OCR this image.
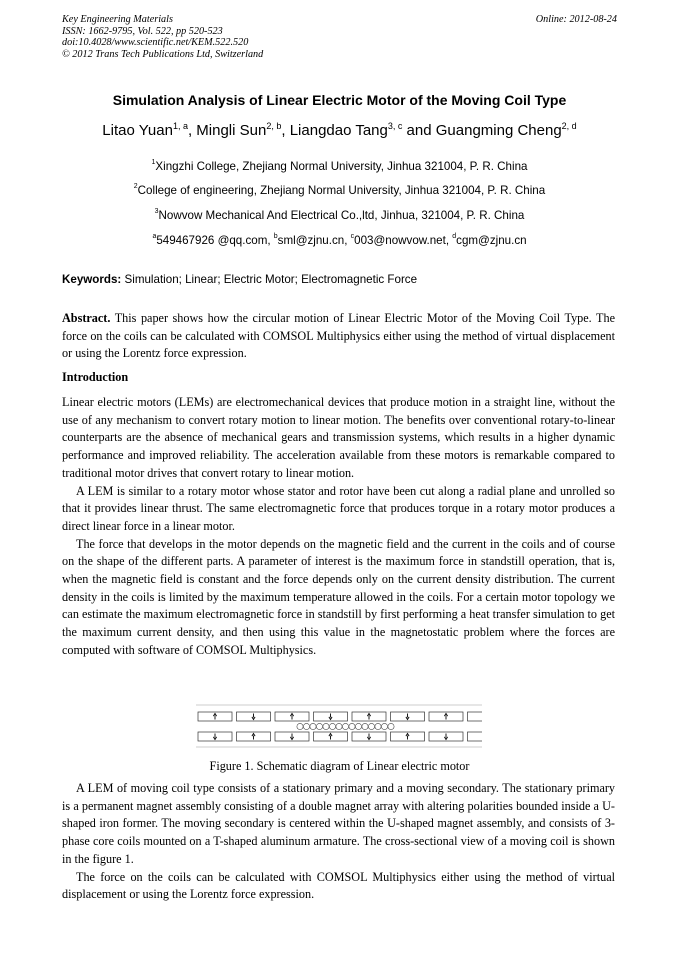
Key Engineering Materials
ISSN: 1662-9795, Vol. 522, pp 520-523
doi:10.4028/www.scientific.net/KEM.522.520
© 2012 Trans Tech Publications Ltd, Switzerland
Online: 2012-08-24
Simulation Analysis of Linear Electric Motor of the Moving Coil Type
Litao Yuan$^{1, a}$, Mingli Sun$^{2, b}$, Liangdao Tang$^{3, c}$ and Guangming Cheng$^{2, d}$
$^1$Xingzhi College, Zhejiang Normal University, Jinhua 321004, P. R. China
$^2$College of engineering, Zhejiang Normal University, Jinhua 321004, P. R. China
$^3$Nowvow Mechanical And Electrical Co.,ltd, Jinhua, 321004, P. R. China
$^a$549467926 @qq.com, $^b$sml@zjnu.cn, $^c$003@nowvow.net, $^d$cgm@zjnu.cn
Keywords: Simulation; Linear; Electric Motor; Electromagnetic Force

Abstract. This paper shows how the circular motion of Linear Electric Motor of the Moving Coil Type. The force on the coils can be calculated with COMSOL Multiphysics either using the method of virtual displacement or using the Lorentz force expression.

Introduction

Linear electric motors (LEMs) are electromechanical devices that produce motion in a straight line, without the use of any mechanism to convert rotary motion to linear motion. The benefits over conventional rotary-to-linear counterparts are the absence of mechanical gears and transmission systems, which results in a higher dynamic performance and improved reliability. The acceleration available from these motors is remarkable compared to traditional motor drives that convert rotary to linear motion.

A LEM is similar to a rotary motor whose stator and rotor have been cut along a radial plane and unrolled so that it provides linear thrust. The same electromagnetic force that produces torque in a rotary motor produces a direct linear force in a linear motor.

The force that develops in the motor depends on the magnetic field and the current in the coils and of course on the shape of the different parts. A parameter of interest is the maximum force in standstill operation, that is, when the magnetic field is constant and the force depends only on the current density distribution. The current density in the coils is limited by the maximum temperature allowed in the coils. For a certain motor topology we can estimate the maximum electromagnetic force in standstill by first performing a heat transfer simulation to get the maximum current density, and then using this value in the magnetostatic problem where the forces are computed with software of COMSOL Multiphysics.

Figure 1. Schematic diagram of Linear electric motor

A LEM of moving coil type consists of a stationary primary and a moving secondary. The stationary primary is a permanent magnet assembly consisting of a double magnet array with altering polarities bounded inside a U-shaped iron former. The moving secondary is centered within the U-shaped magnet assembly, and consists of 3-phase core coils mounted on a T-shaped aluminum armature. The cross-sectional view of a moving coil is shown in the figure 1.

The force on the coils can be calculated with COMSOL Multiphysics either using the method of virtual displacement or using the Lorentz force expression.
